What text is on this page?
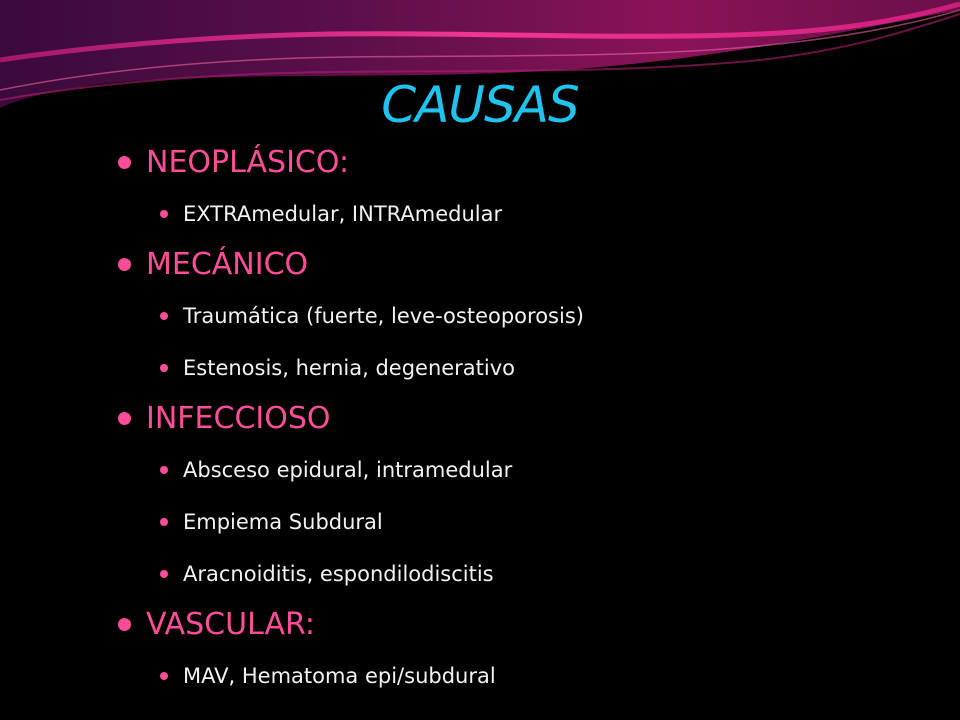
CAUSAS
NEOPLÁSICO:
EXTRAmedular, INTRAmedular
MECÁNICO
Traumática (fuerte, leve-osteoporosis)
Estenosis, hernia, degenerativo
INFECCIOSO
Absceso epidural, intramedular
Empiema Subdural
Aracnoiditis, espondilodiscitis
VASCULAR:
MAV, Hematoma epi/subdural
